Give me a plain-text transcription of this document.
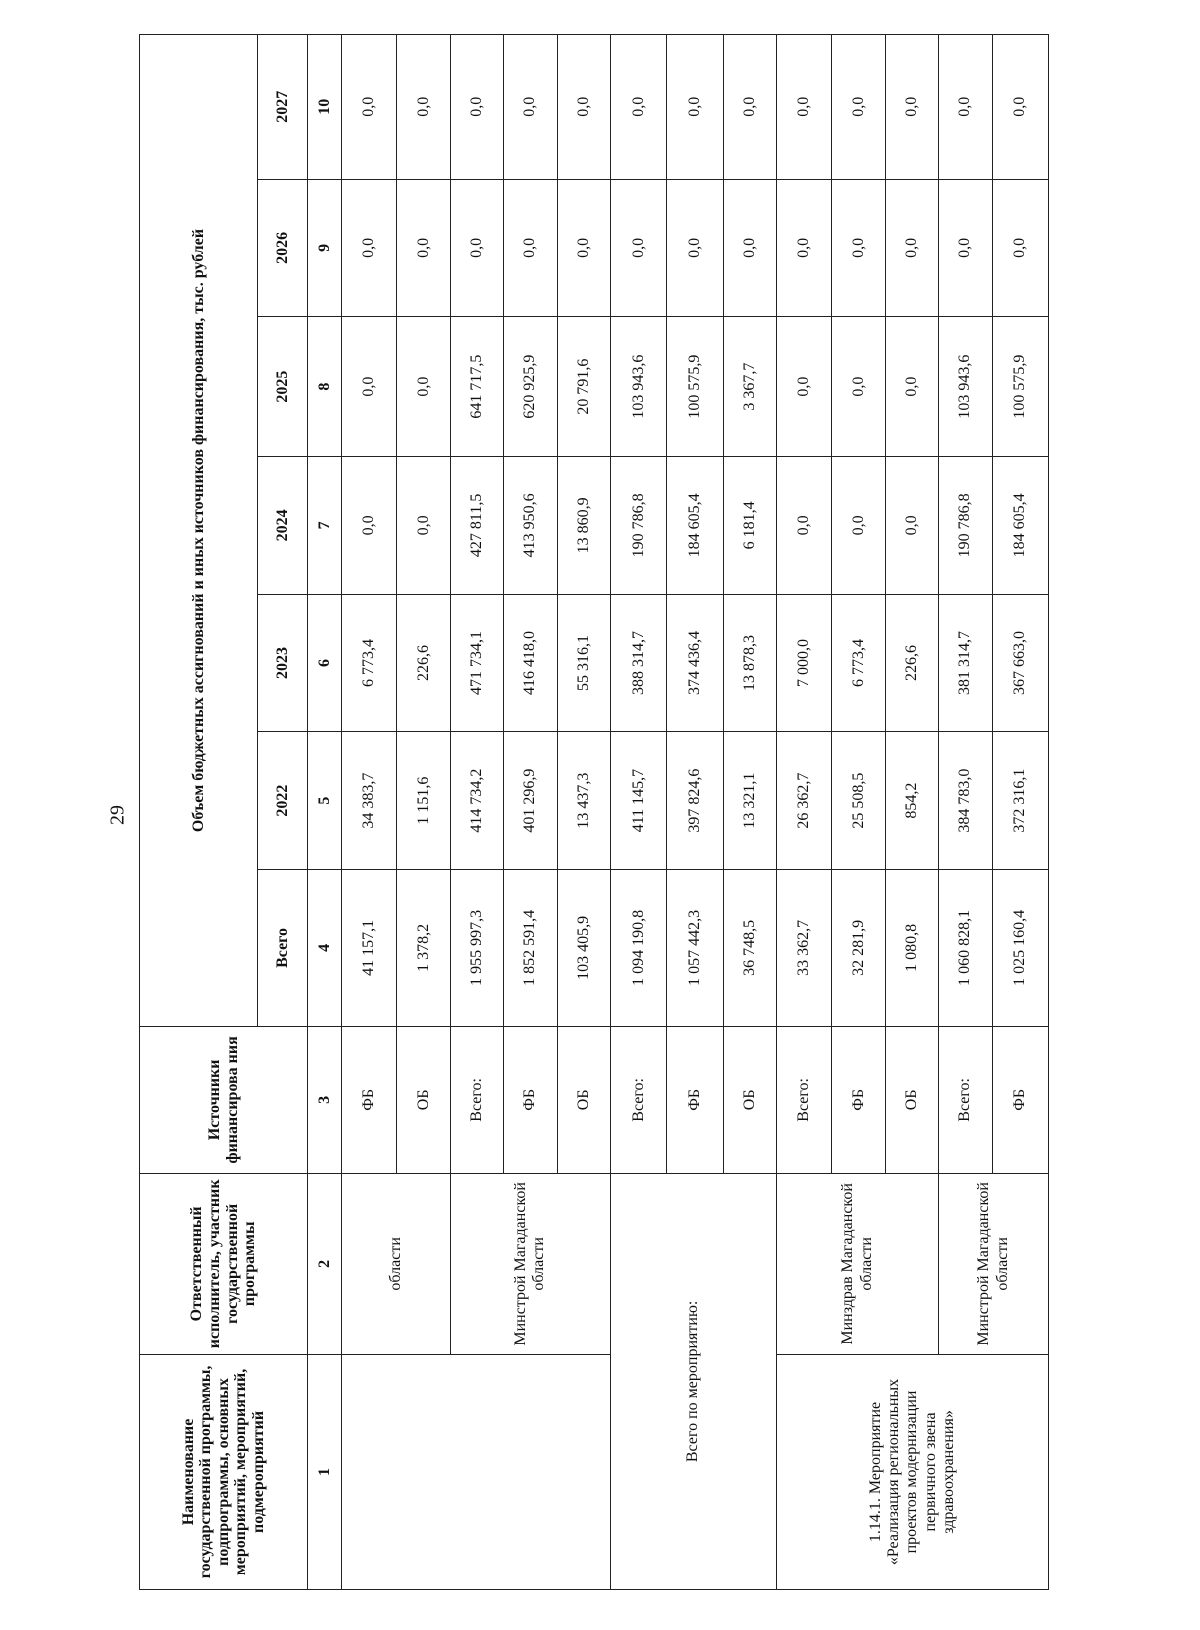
29
Наименование государственной программы, подпрограммы, основных мероприятий, мероприятий, подмероприятий	Ответственный исполнитель, участник государственной программы	Источники финансирова ния	Объем бюджетных ассигнований и иных источников финансирования, тыс. рублей						
			Всего	2022	2023	2024	2025	2026	2027
1	2	3	4	5	6	7	8	9	10
	области	ФБ	41 157,1	34 383,7	6 773,4	0,0	0,0	0,0	0,0
		ОБ	1 378,2	1 151,6	226,6	0,0	0,0	0,0	0,0
	Минстрой Магаданской области	Всего:	1 955 997,3	414 734,2	471 734,1	427 811,5	641 717,5	0,0	0,0
		ФБ	1 852 591,4	401 296,9	416 418,0	413 950,6	620 925,9	0,0	0,0
		ОБ	103 405,9	13 437,3	55 316,1	13 860,9	20 791,6	0,0	0,0
Всего по мероприятию:		Всего:	1 094 190,8	411 145,7	388 314,7	190 786,8	103 943,6	0,0	0,0
		ФБ	1 057 442,3	397 824,6	374 436,4	184 605,4	100 575,9	0,0	0,0
		ОБ	36 748,5	13 321,1	13 878,3	6 181,4	3 367,7	0,0	0,0
1.14.1. Мероприятие «Реализация региональных проектов модернизации первичного звена здравоохранения»	Минздрав Магаданской области	Всего:	33 362,7	26 362,7	7 000,0	0,0	0,0	0,0	0,0
		ФБ	32 281,9	25 508,5	6 773,4	0,0	0,0	0,0	0,0
		ОБ	1 080,8	854,2	226,6	0,0	0,0	0,0	0,0
	Минстрой Магаданской области	Всего:	1 060 828,1	384 783,0	381 314,7	190 786,8	103 943,6	0,0	0,0
		ФБ	1 025 160,4	372 316,1	367 663,0	184 605,4	100 575,9	0,0	0,0
